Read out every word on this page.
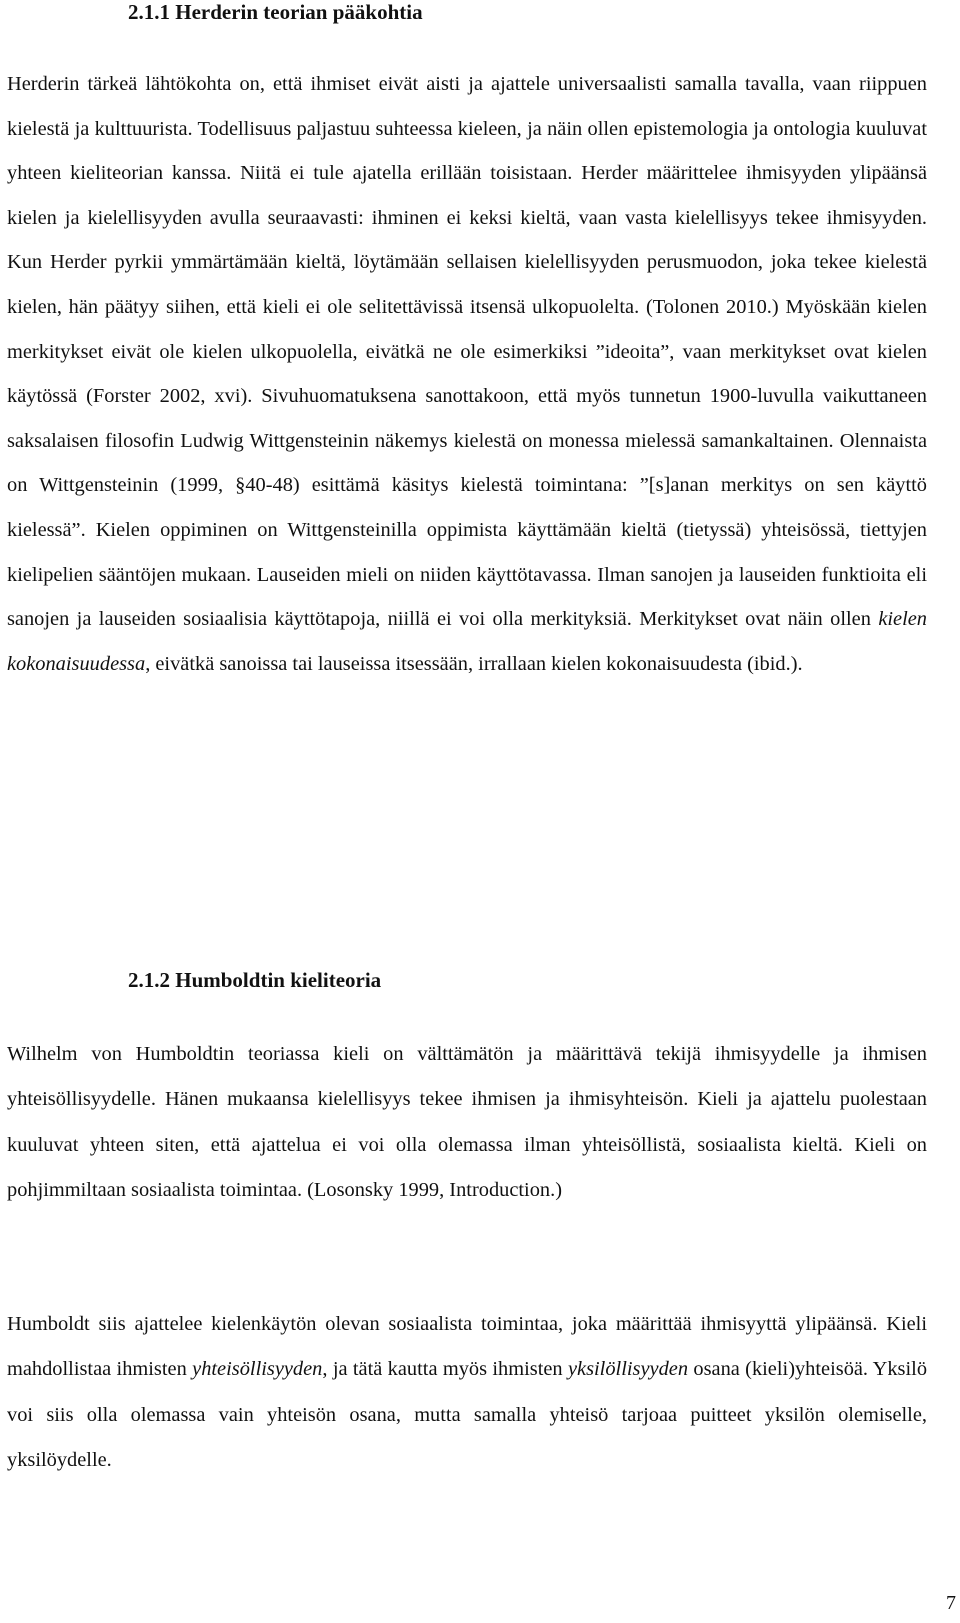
2.1.1 Herderin teorian pääkohtia

Herderin tärkeä lähtökohta on, että ihmiset eivät aisti ja ajattele universaalisti samalla tavalla, vaan riippuen kielestä ja kulttuurista. Todellisuus paljastuu suhteessa kieleen, ja näin ollen epistemologia ja ontologia kuuluvat yhteen kieliteorian kanssa. Niitä ei tule ajatella erillään toisistaan. Herder määrittelee ihmisyyden ylipäänsä kielen ja kielellisyyden avulla seuraavasti: ihminen ei keksi kieltä, vaan vasta kielellisyys tekee ihmisyyden. Kun Herder pyrkii ymmärtämään kieltä, löytämään sellaisen kielellisyyden perusmuodon, joka tekee kielestä kielen, hän päätyy siihen, että kieli ei ole selitettävissä itsensä ulkopuolelta. (Tolonen 2010.) Myöskään kielen merkitykset eivät ole kielen ulkopuolella, eivätkä ne ole esimerkiksi ”ideoita”, vaan merkitykset ovat kielen käytössä (Forster 2002, xvi). Sivuhuomatuksena sanottakoon, että myös tunnetun 1900-luvulla vaikuttaneen saksalaisen filosofin Ludwig Wittgensteinin näkemys kielestä on monessa mielessä samankaltainen. Olennaista on Wittgensteinin (1999, §40-48) esittämä käsitys kielestä toimintana: ”[s]anan merkitys on sen käyttö kielessä”. Kielen oppiminen on Wittgensteinilla oppimista käyttämään kieltä (tietyssä) yhteisössä, tiettyjen kielipelien sääntöjen mukaan. Lauseiden mieli on niiden käyttötavassa. Ilman sanojen ja lauseiden funktioita eli sanojen ja lauseiden sosiaalisia käyttötapoja, niillä ei voi olla merkityksiä. Merkitykset ovat näin ollen kielen kokonaisuudessa, eivätkä sanoissa tai lauseissa itsessään, irrallaan kielen kokonaisuudesta (ibid.).

2.1.2 Humboldtin kieliteoria

Wilhelm von Humboldtin teoriassa kieli on välttämätön ja määrittävä tekijä ihmisyydelle ja ihmisen yhteisöllisyydelle. Hänen mukaansa kielellisyys tekee ihmisen ja ihmisyhteisön. Kieli ja ajattelu puolestaan kuuluvat yhteen siten, että ajattelua ei voi olla olemassa ilman yhteisöllistä, sosiaalista kieltä. Kieli on pohjimmiltaan sosiaalista toimintaa. (Losonsky 1999, Introduction.)

Humboldt siis ajattelee kielenkäytön olevan sosiaalista toimintaa, joka määrittää ihmisyyttä ylipäänsä. Kieli mahdollistaa ihmisten yhteisöllisyyden, ja tätä kautta myös ihmisten yksilöllisyyden osana (kieli)yhteisöä. Yksilö voi siis olla olemassa vain yhteisön osana, mutta samalla yhteisö tarjoaa puitteet yksilön olemiselle, yksilöydelle.

7
